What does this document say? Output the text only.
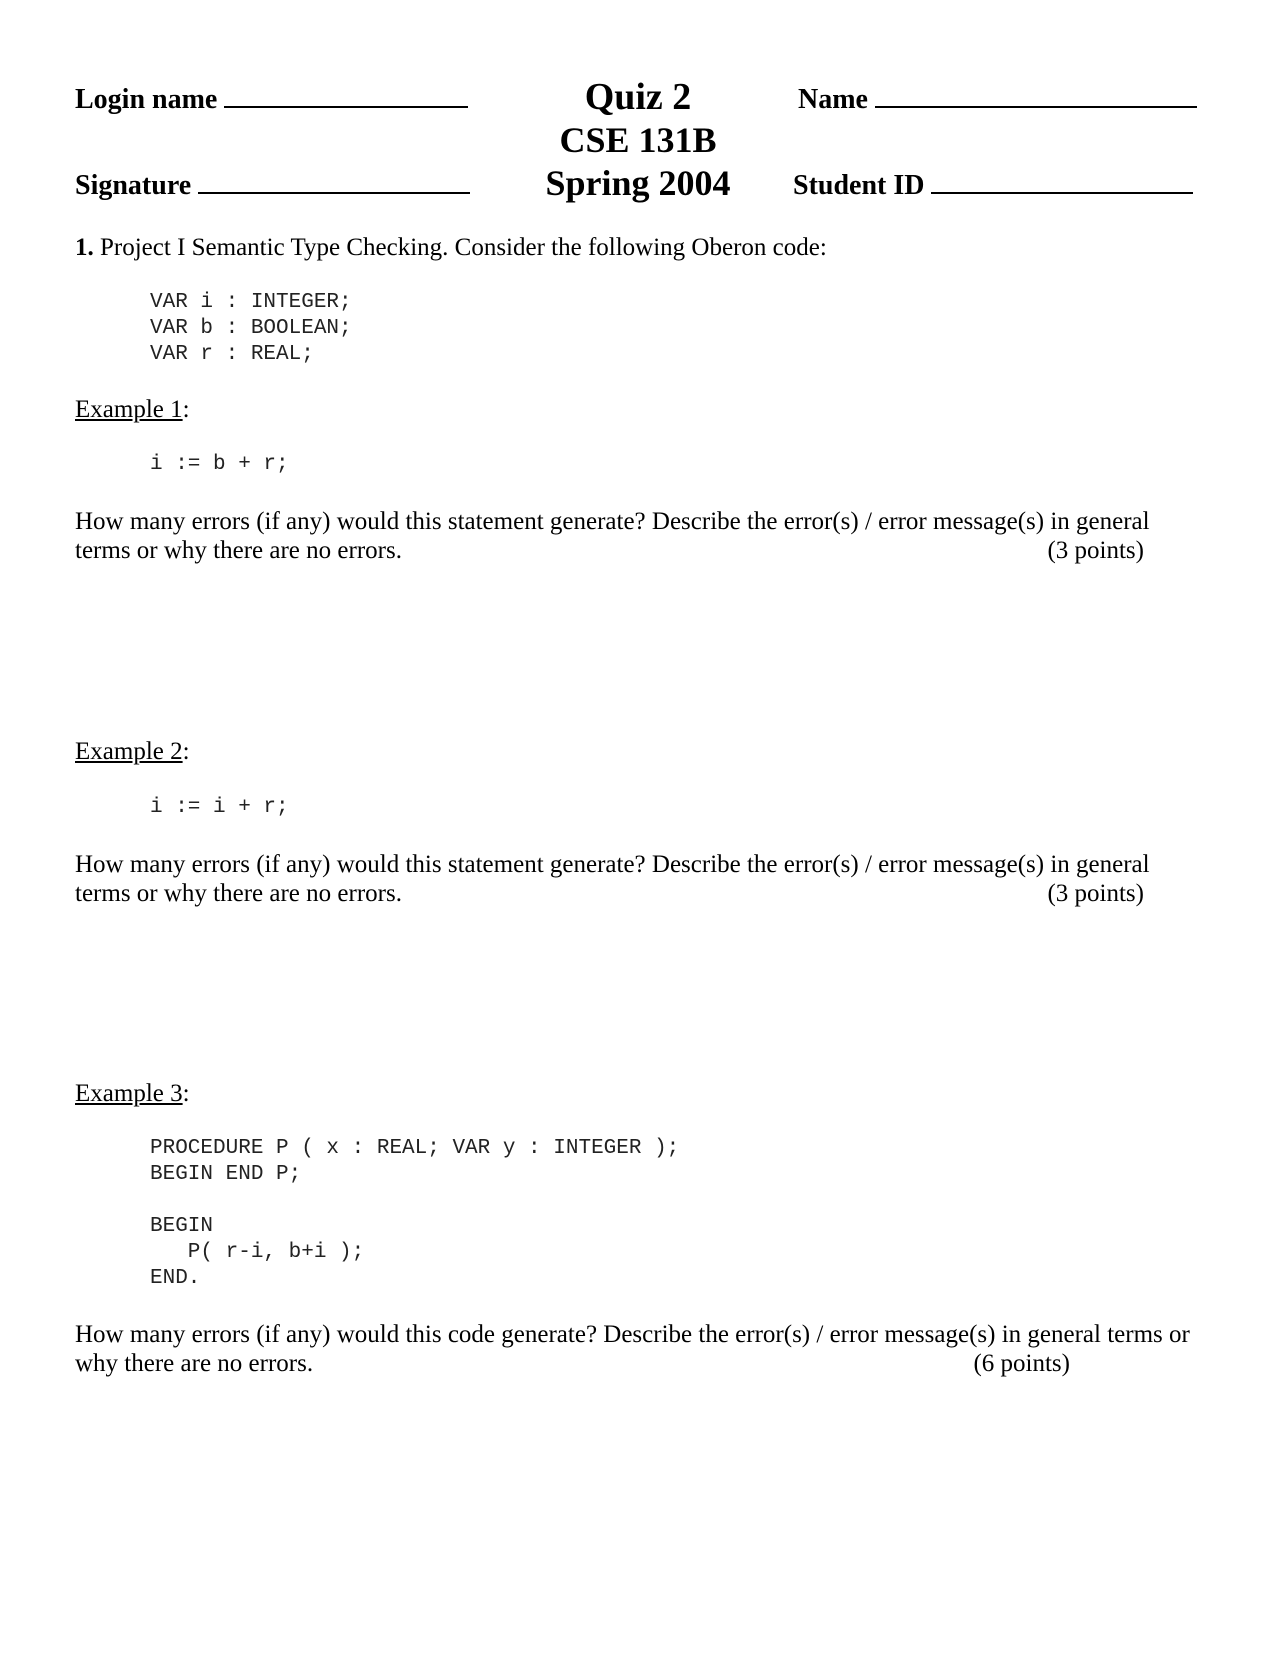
Login name
Signature
Quiz 2
CSE 131B
Spring 2004
Name
Student ID
1. Project I Semantic Type Checking. Consider the following Oberon code:
VAR i : INTEGER;
VAR b : BOOLEAN;
VAR r : REAL;
Example 1:
i := b + r;
How many errors (if any) would this statement generate? Describe the error(s) / error message(s) in general
terms or why there are no errors.	(3 points)
Example 2:
i := i + r;
How many errors (if any) would this statement generate? Describe the error(s) / error message(s) in general
terms or why there are no errors.	(3 points)
Example 3:
PROCEDURE P ( x : REAL; VAR y : INTEGER );
BEGIN END P;

BEGIN
P( r-i, b+i );
END.
How many errors (if any) would this code generate? Describe the error(s) / error message(s) in general terms or
why there are no errors.	(6 points)
